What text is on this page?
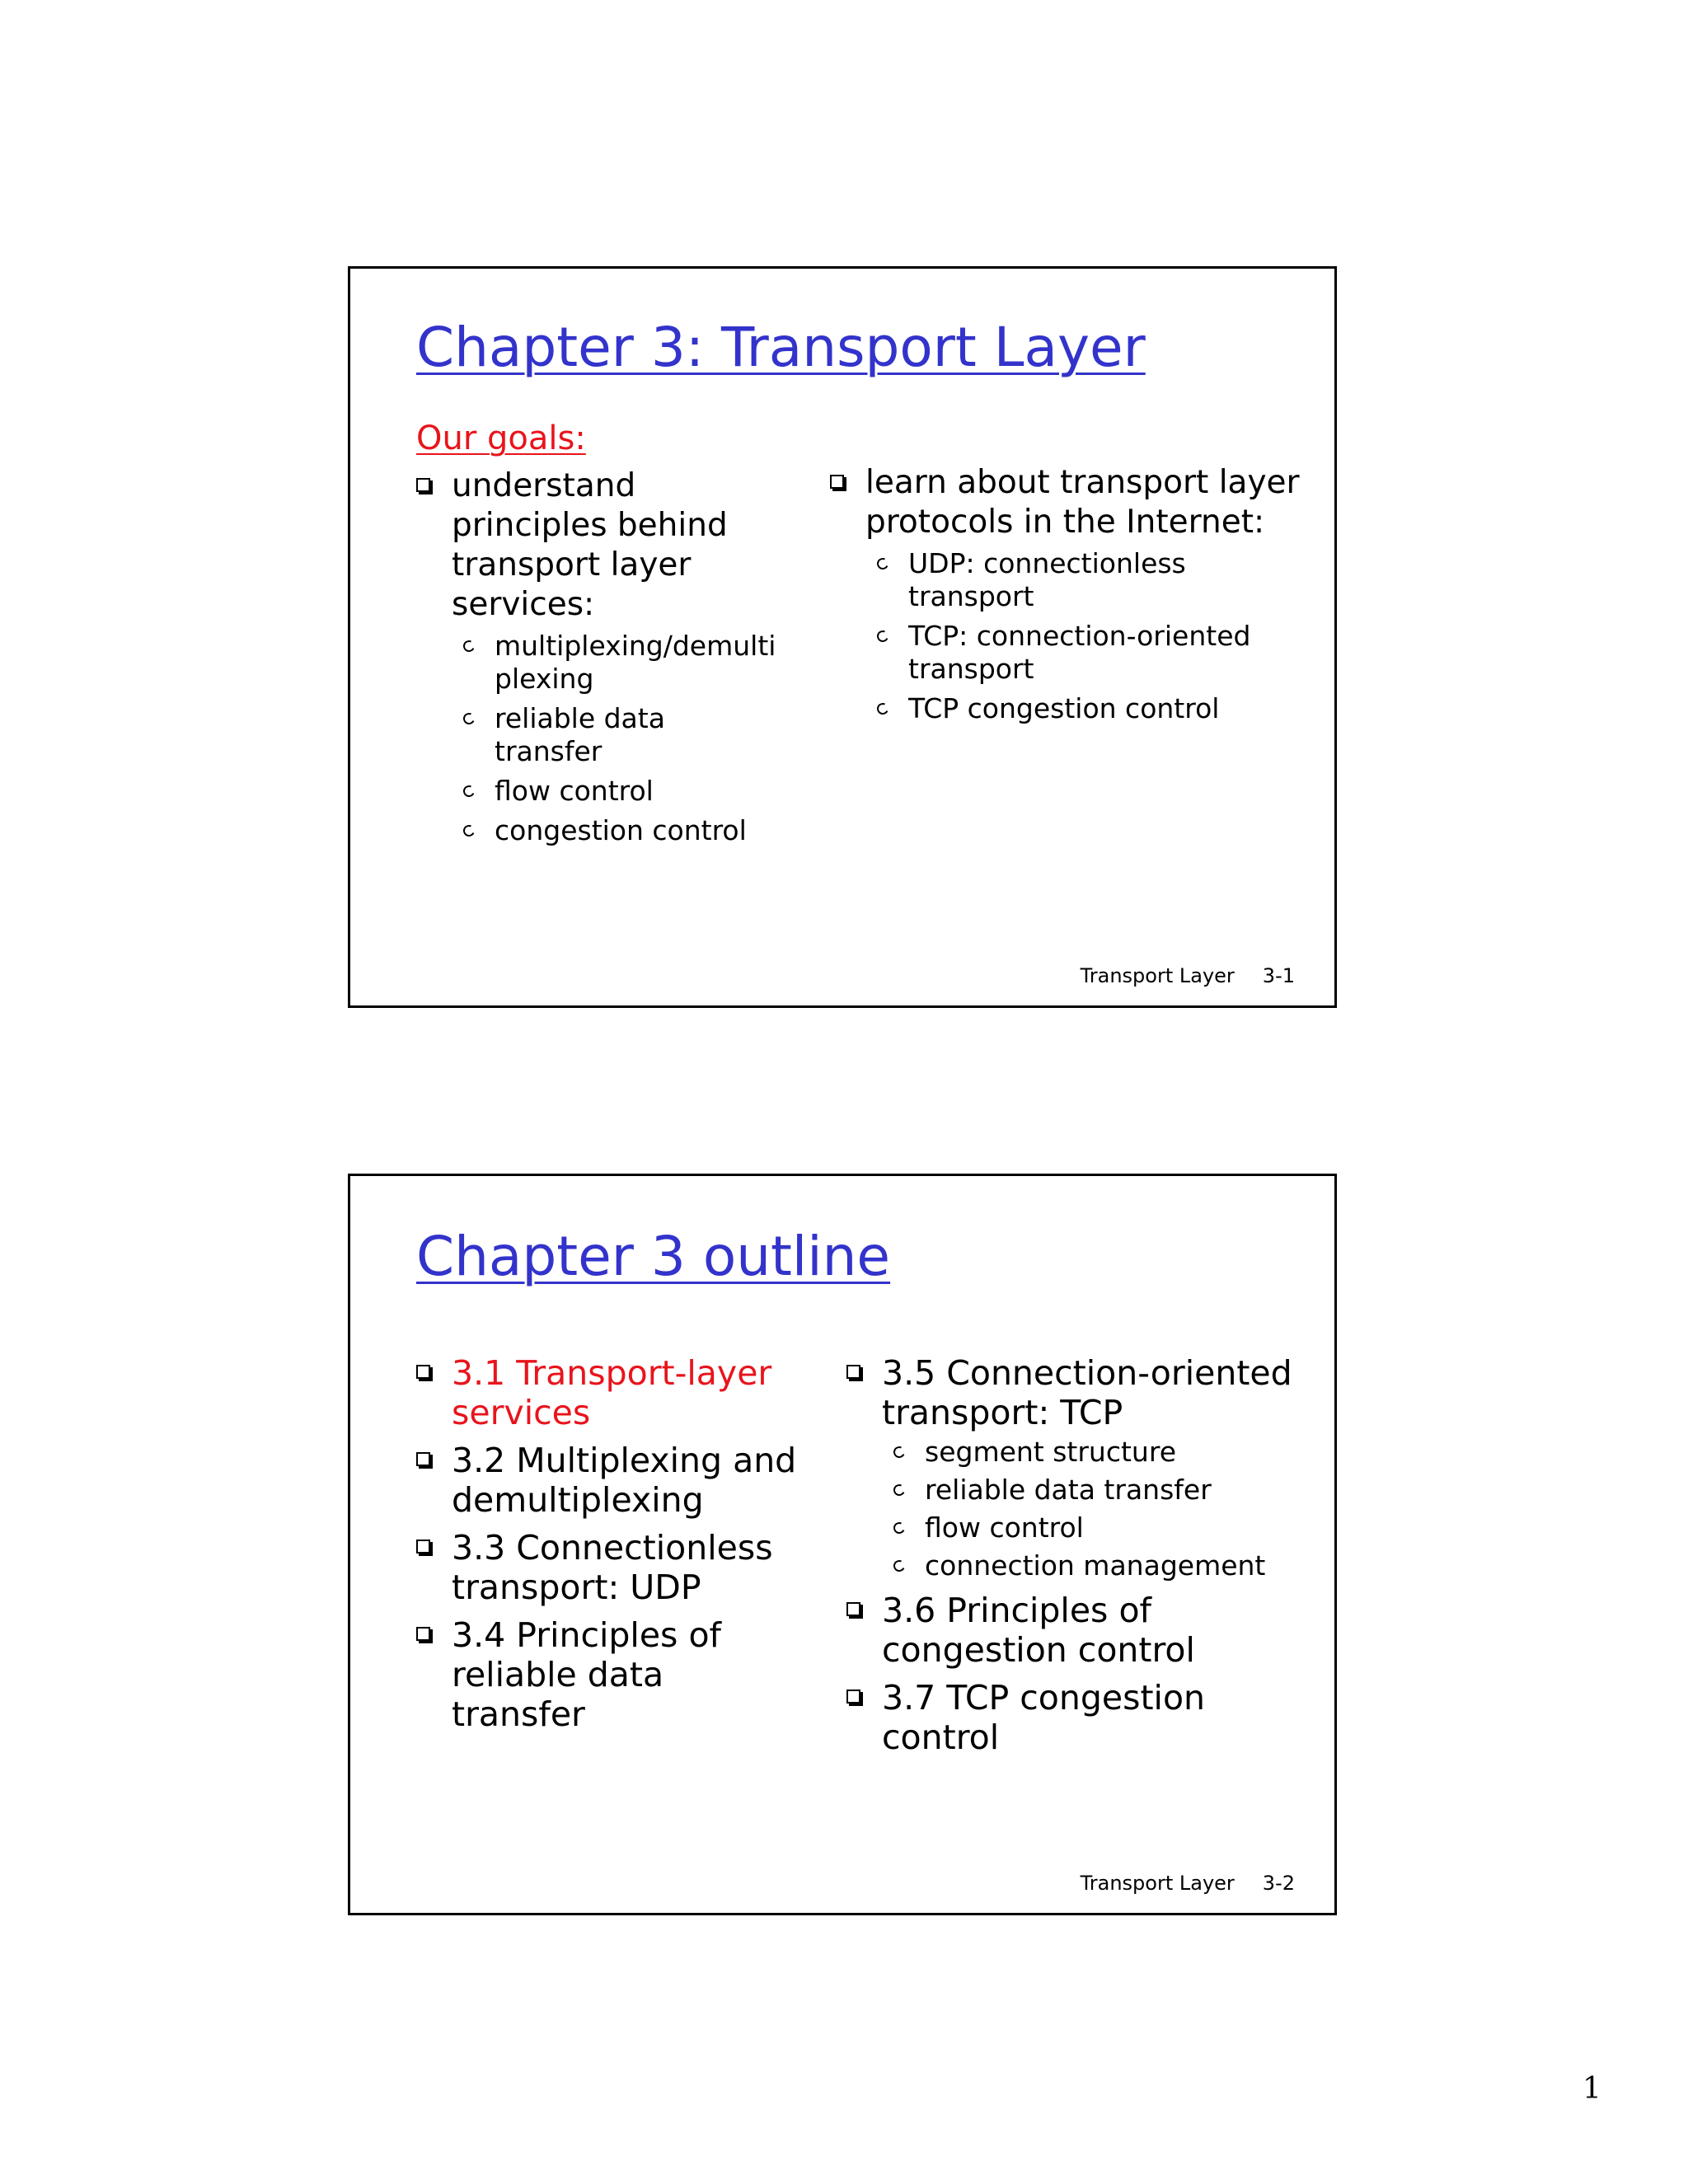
Chapter 3: Transport Layer
Our goals:
understand principles behind transport layer services:
multiplexing/demultiplexing
reliable data transfer
flow control
congestion control
learn about transport layer protocols in the Internet:
UDP: connectionless transport
TCP: connection-oriented transport
TCP congestion control
Transport Layer 3-1
Chapter 3 outline
3.1 Transport-layer services
3.2 Multiplexing and demultiplexing
3.3 Connectionless transport: UDP
3.4 Principles of reliable data transfer
3.5 Connection-oriented transport: TCP
segment structure
reliable data transfer
flow control
connection management
3.6 Principles of congestion control
3.7 TCP congestion control
Transport Layer 3-2
1
